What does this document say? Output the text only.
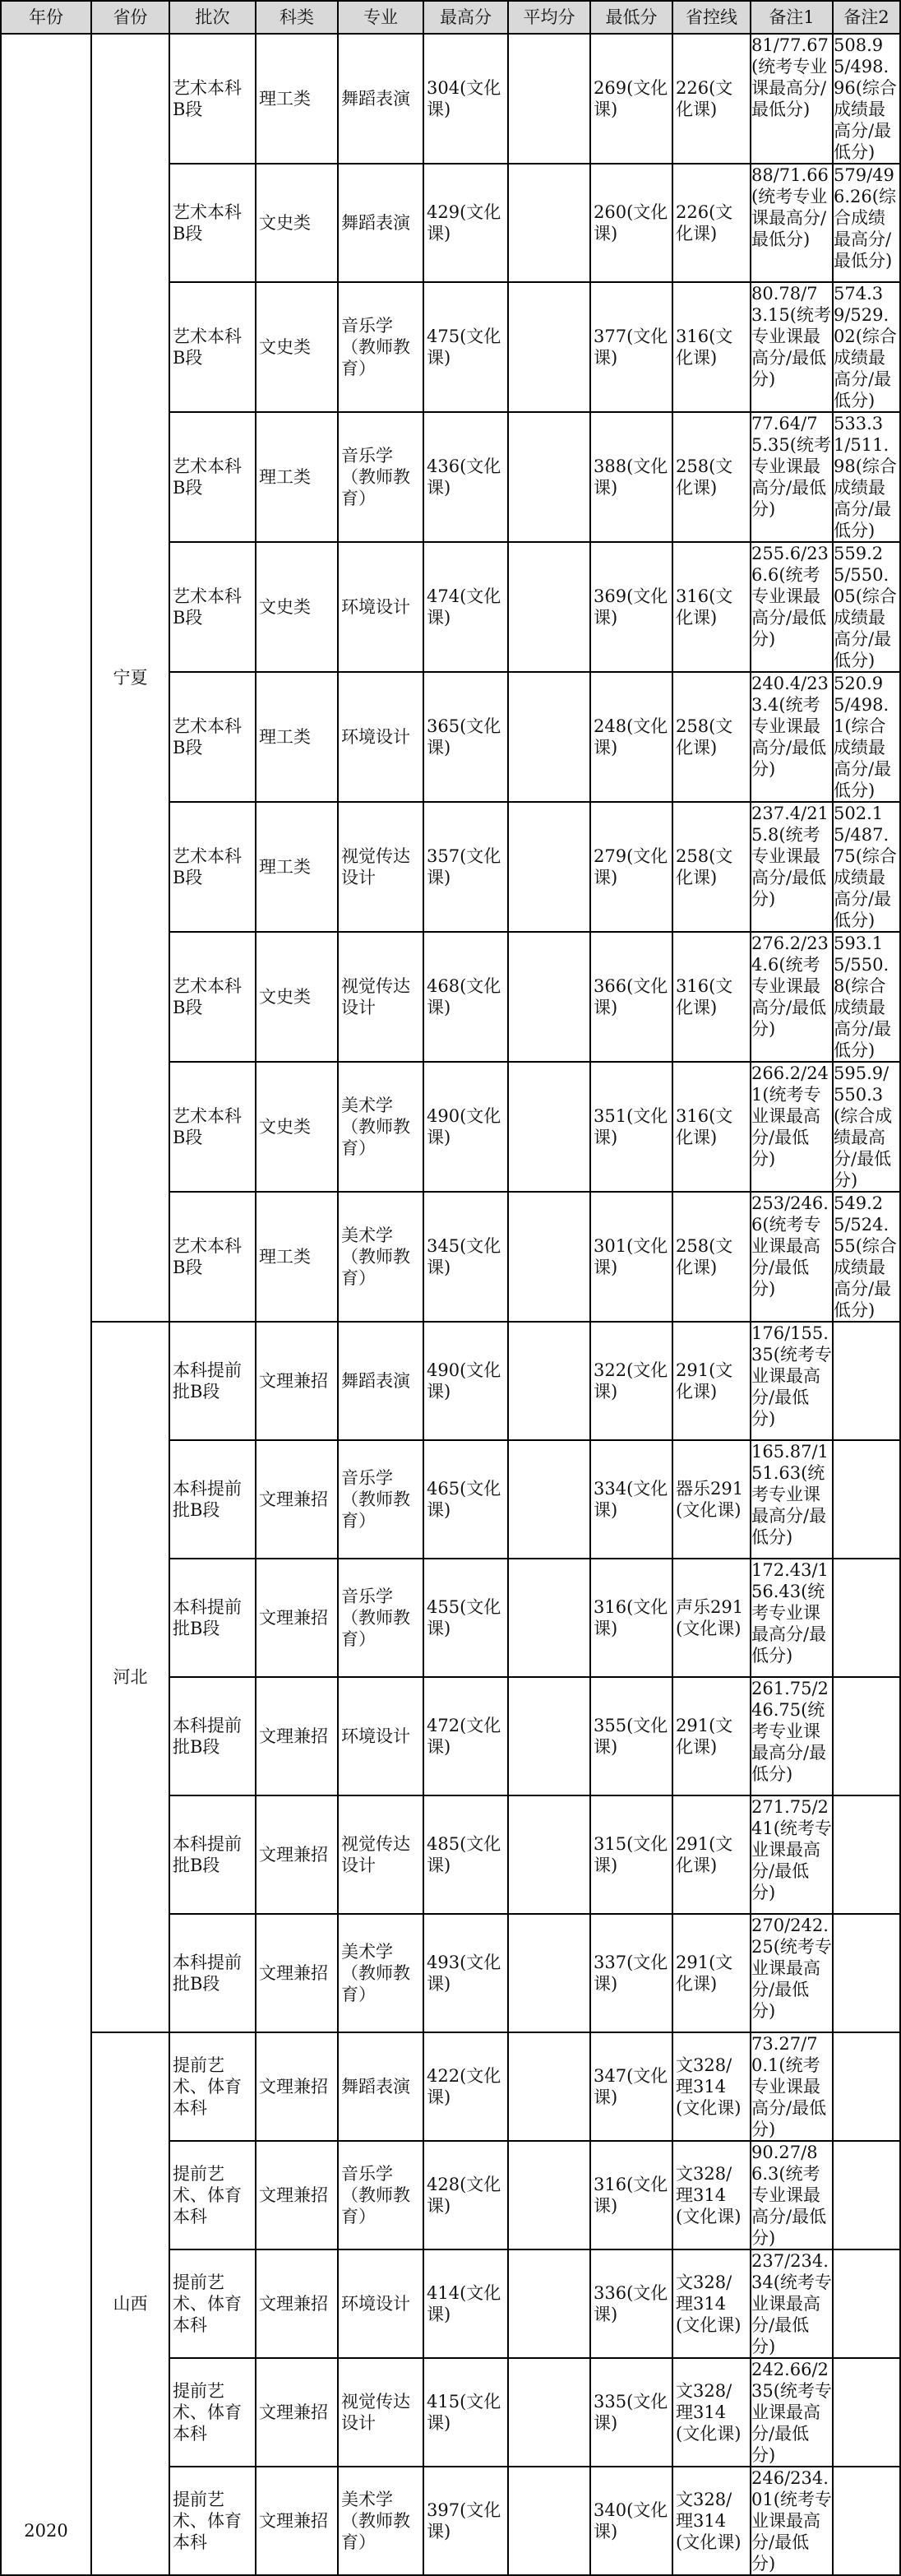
年份	省份	批次	科类	专业	最高分	平均分	最低分	省控线	备注1	备注2
2020	宁夏	艺术本科B段	理工类	舞蹈表演	304(文化课)		269(文化课)	226(文化课)	81/77.67(统考专业课最高分/最低分)	508.95/498.96(综合成绩最高分/最低分)
		艺术本科B段	文史类	舞蹈表演	429(文化课)		260(文化课)	226(文化课)	88/71.66(统考专业课最高分/最低分)	579/496.26(综合成绩最高分/最低分)
		艺术本科B段	文史类	音乐学（教师教育）	475(文化课)		377(文化课)	316(文化课)	80.78/73.15(统考专业课最高分/最低分)	574.39/529.02(综合成绩最高分/最低分)
		艺术本科B段	理工类	音乐学（教师教育）	436(文化课)		388(文化课)	258(文化课)	77.64/75.35(统考专业课最高分/最低分)	533.31/511.98(综合成绩最高分/最低分)
		艺术本科B段	文史类	环境设计	474(文化课)		369(文化课)	316(文化课)	255.6/236.6(统考专业课最高分/最低分)	559.25/550.05(综合成绩最高分/最低分)
		艺术本科B段	理工类	环境设计	365(文化课)		248(文化课)	258(文化课)	240.4/233.4(统考专业课最高分/最低分)	520.95/498.1(综合成绩最高分/最低分)
		艺术本科B段	理工类	视觉传达设计	357(文化课)		279(文化课)	258(文化课)	237.4/215.8(统考专业课最高分/最低分)	502.15/487.75(综合成绩最高分/最低分)
		艺术本科B段	文史类	视觉传达设计	468(文化课)		366(文化课)	316(文化课)	276.2/234.6(统考专业课最高分/最低分)	593.15/550.8(综合成绩最高分/最低分)
		艺术本科B段	文史类	美术学（教师教育）	490(文化课)		351(文化课)	316(文化课)	266.2/241(统考专业课最高分/最低分)	595.9/550.3(综合成绩最高分/最低分)
		艺术本科B段	理工类	美术学（教师教育）	345(文化课)		301(文化课)	258(文化课)	253/246.6(统考专业课最高分/最低分)	549.25/524.55(综合成绩最高分/最低分)
	河北	本科提前批B段	文理兼招	舞蹈表演	490(文化课)		322(文化课)	291(文化课)	176/155.35(统考专业课最高分/最低分)	
		本科提前批B段	文理兼招	音乐学（教师教育）	465(文化课)		334(文化课)	器乐291(文化课)	165.87/151.63(统考专业课最高分/最低分)	
		本科提前批B段	文理兼招	音乐学（教师教育）	455(文化课)		316(文化课)	声乐291(文化课)	172.43/156.43(统考专业课最高分/最低分)	
		本科提前批B段	文理兼招	环境设计	472(文化课)		355(文化课)	291(文化课)	261.75/246.75(统考专业课最高分/最低分)	
		本科提前批B段	文理兼招	视觉传达设计	485(文化课)		315(文化课)	291(文化课)	271.75/241(统考专业课最高分/最低分)	
		本科提前批B段	文理兼招	美术学（教师教育）	493(文化课)		337(文化课)	291(文化课)	270/242.25(统考专业课最高分/最低分)	
	山西	提前艺术、体育本科	文理兼招	舞蹈表演	422(文化课)		347(文化课)	文328/理314(文化课)	73.27/70.1(统考专业课最高分/最低分)	
		提前艺术、体育本科	文理兼招	音乐学（教师教育）	428(文化课)		316(文化课)	文328/理314(文化课)	90.27/86.3(统考专业课最高分/最低分)	
		提前艺术、体育本科	文理兼招	环境设计	414(文化课)		336(文化课)	文328/理314(文化课)	237/234.34(统考专业课最高分/最低分)	
		提前艺术、体育本科	文理兼招	视觉传达设计	415(文化课)		335(文化课)	文328/理314(文化课)	242.66/235(统考专业课最高分/最低分)	
		提前艺术、体育本科	文理兼招	美术学（教师教育）	397(文化课)		340(文化课)	文328/理314(文化课)	246/234.01(统考专业课最高分/最低分)	
